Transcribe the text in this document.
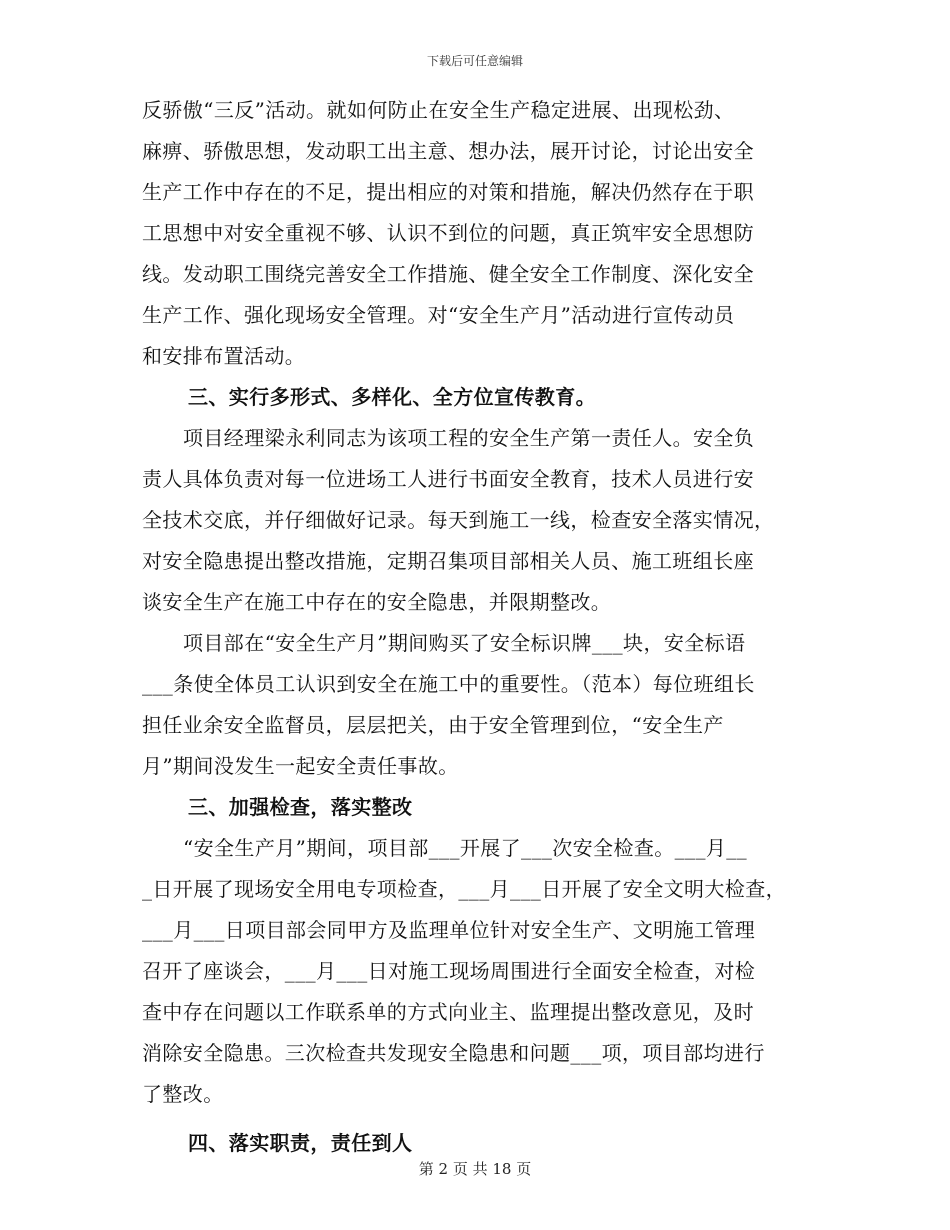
下载后可任意编辑
反骄傲“三反”活动。就如何防止在安全生产稳定进展、出现松劲、
麻痹、骄傲思想，发动职工出主意、想办法，展开讨论，讨论出安全
生产工作中存在的不足，提出相应的对策和措施，解决仍然存在于职
工思想中对安全重视不够、认识不到位的问题，真正筑牢安全思想防
线。发动职工围绕完善安全工作措施、健全安全工作制度、深化安全
生产工作、强化现场安全管理。对“安全生产月”活动进行宣传动员
和安排布置活动。
三、实行多形式、多样化、全方位宣传教育。
项目经理梁永利同志为该项工程的安全生产第一责任人。安全负
责人具体负责对每一位进场工人进行书面安全教育，技术人员进行安
全技术交底，并仔细做好记录。每天到施工一线，检查安全落实情况，
对安全隐患提出整改措施，定期召集项目部相关人员、施工班组长座
谈安全生产在施工中存在的安全隐患，并限期整改。
项目部在“安全生产月”期间购买了安全标识牌___块，安全标语
___条使全体员工认识到安全在施工中的重要性。（范本）每位班组长
担任业余安全监督员，层层把关，由于安全管理到位，“安全生产
月”期间没发生一起安全责任事故。
三、加强检查，落实整改
“安全生产月”期间，项目部___开展了___次安全检查。___月__
_日开展了现场安全用电专项检查，___月___日开展了安全文明大检查，
___月___日项目部会同甲方及监理单位针对安全生产、文明施工管理
召开了座谈会，___月___日对施工现场周围进行全面安全检查，对检
查中存在问题以工作联系单的方式向业主、监理提出整改意见，及时
消除安全隐患。三次检查共发现安全隐患和问题___项，项目部均进行
了整改。
四、落实职责，责任到人
第 2 页 共 18 页
